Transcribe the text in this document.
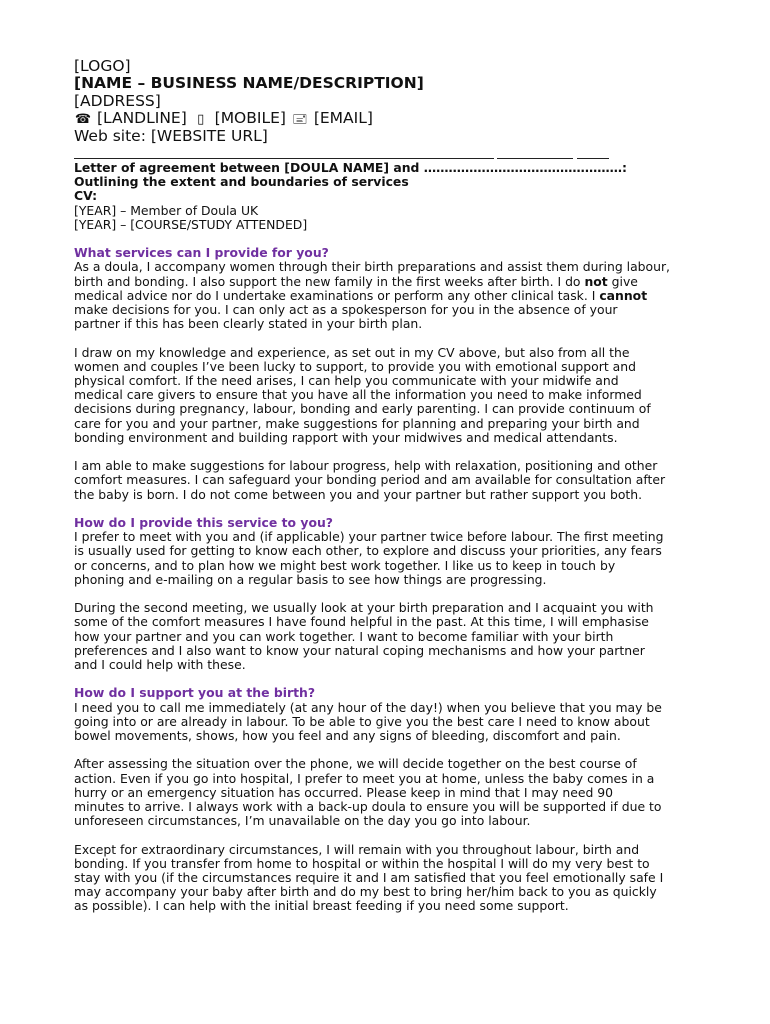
[LOGO]
[NAME – BUSINESS NAME/DESCRIPTION]
[ADDRESS]
☎ [LANDLINE] ▯ [MOBILE] 🖃 [EMAIL]
Web site: [WEBSITE URL]

Letter of agreement between [DOULA NAME] and …………………………………………:

Outlining the extent and boundaries of services

CV:

[YEAR] – Member of Doula UK

[YEAR] – [COURSE/STUDY ATTENDED]

What services can I provide for you?

As a doula, I accompany women through their birth preparations and assist them during labour,

birth and bonding. I also support the new family in the first weeks after birth. I do not give

medical advice nor do I undertake examinations or perform any other clinical task. I cannot

make decisions for you. I can only act as a spokesperson for you in the absence of your

partner if this has been clearly stated in your birth plan.

I draw on my knowledge and experience, as set out in my CV above, but also from all the

women and couples I’ve been lucky to support, to provide you with emotional support and

physical comfort. If the need arises, I can help you communicate with your midwife and

medical care givers to ensure that you have all the information you need to make informed

decisions during pregnancy, labour, bonding and early parenting. I can provide continuum of

care for you and your partner, make suggestions for planning and preparing your birth and

bonding environment and building rapport with your midwives and medical attendants.

I am able to make suggestions for labour progress, help with relaxation, positioning and other

comfort measures. I can safeguard your bonding period and am available for consultation after

the baby is born. I do not come between you and your partner but rather support you both.

How do I provide this service to you?

I prefer to meet with you and (if applicable) your partner twice before labour. The first meeting

is usually used for getting to know each other, to explore and discuss your priorities, any fears

or concerns, and to plan how we might best work together. I like us to keep in touch by

phoning and e-mailing on a regular basis to see how things are progressing.

During the second meeting, we usually look at your birth preparation and I acquaint you with

some of the comfort measures I have found helpful in the past. At this time, I will emphasise

how your partner and you can work together. I want to become familiar with your birth

preferences and I also want to know your natural coping mechanisms and how your partner

and I could help with these.

How do I support you at the birth?

I need you to call me immediately (at any hour of the day!) when you believe that you may be

going into or are already in labour. To be able to give you the best care I need to know about

bowel movements, shows, how you feel and any signs of bleeding, discomfort and pain.

After assessing the situation over the phone, we will decide together on the best course of

action. Even if you go into hospital, I prefer to meet you at home, unless the baby comes in a

hurry or an emergency situation has occurred. Please keep in mind that I may need 90

minutes to arrive. I always work with a back-up doula to ensure you will be supported if due to

unforeseen circumstances, I’m unavailable on the day you go into labour.

Except for extraordinary circumstances, I will remain with you throughout labour, birth and

bonding. If you transfer from home to hospital or within the hospital I will do my very best to

stay with you (if the circumstances require it and I am satisfied that you feel emotionally safe I

may accompany your baby after birth and do my best to bring her/him back to you as quickly

as possible). I can help with the initial breast feeding if you need some support.
